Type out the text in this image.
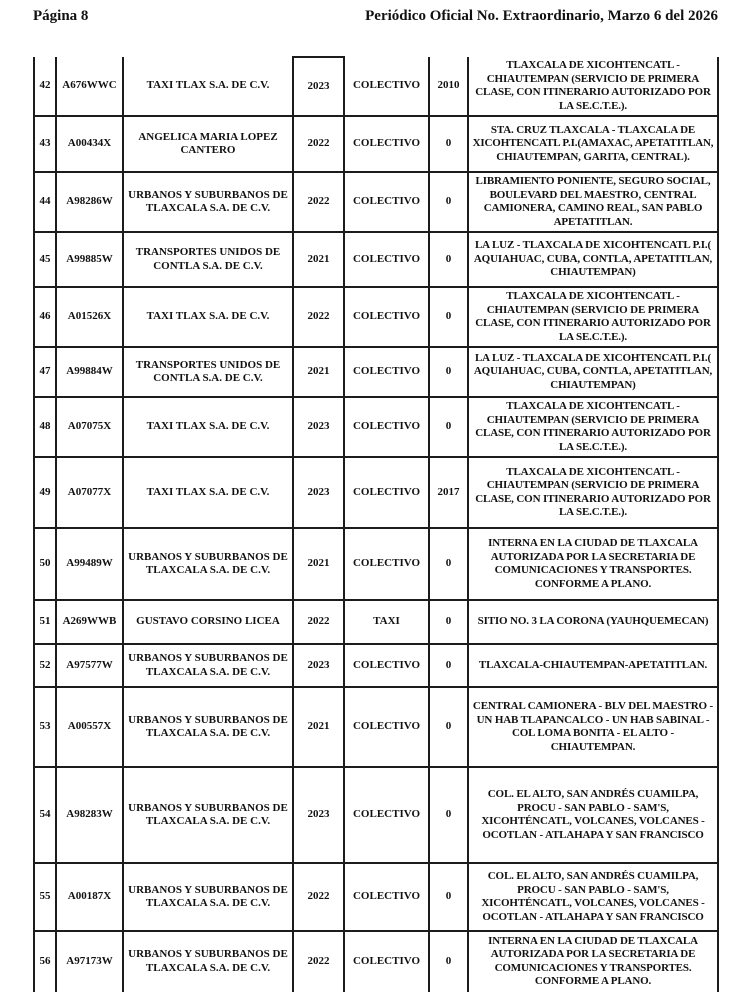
Página 8	Periódico Oficial No. Extraordinario, Marzo 6 del 2026
42	A676WWC	TAXI TLAX S.A. DE C.V.	2023	COLECTIVO	2010	TLAXCALA DE XICOHTENCATL - CHIAUTEMPAN (SERVICIO DE PRIMERA CLASE, CON ITINERARIO AUTORIZADO POR LA SE.C.T.E.).
43	A00434X	ANGELICA MARIA LOPEZ CANTERO	2022	COLECTIVO	0	STA. CRUZ TLAXCALA - TLAXCALA DE XICOHTENCATL P.I.(AMAXAC, APETATITLAN, CHIAUTEMPAN, GARITA, CENTRAL).
44	A98286W	URBANOS Y SUBURBANOS DE TLAXCALA S.A. DE C.V.	2022	COLECTIVO	0	LIBRAMIENTO PONIENTE, SEGURO SOCIAL, BOULEVARD DEL MAESTRO, CENTRAL CAMIONERA, CAMINO REAL, SAN PABLO APETATITLAN.
45	A99885W	TRANSPORTES UNIDOS DE CONTLA S.A. DE C.V.	2021	COLECTIVO	0	LA LUZ - TLAXCALA DE XICOHTENCATL P.I.( AQUIAHUAC, CUBA, CONTLA, APETATITLAN, CHIAUTEMPAN)
46	A01526X	TAXI TLAX S.A. DE C.V.	2022	COLECTIVO	0	TLAXCALA DE XICOHTENCATL - CHIAUTEMPAN (SERVICIO DE PRIMERA CLASE, CON ITINERARIO AUTORIZADO POR LA SE.C.T.E.).
47	A99884W	TRANSPORTES UNIDOS DE CONTLA S.A. DE C.V.	2021	COLECTIVO	0	LA LUZ - TLAXCALA DE XICOHTENCATL P.I.( AQUIAHUAC, CUBA, CONTLA, APETATITLAN, CHIAUTEMPAN)
48	A07075X	TAXI TLAX S.A. DE C.V.	2023	COLECTIVO	0	TLAXCALA DE XICOHTENCATL - CHIAUTEMPAN (SERVICIO DE PRIMERA CLASE, CON ITINERARIO AUTORIZADO POR LA SE.C.T.E.).
49	A07077X	TAXI TLAX S.A. DE C.V.	2023	COLECTIVO	2017	TLAXCALA DE XICOHTENCATL - CHIAUTEMPAN (SERVICIO DE PRIMERA CLASE, CON ITINERARIO AUTORIZADO POR LA SE.C.T.E.).
50	A99489W	URBANOS Y SUBURBANOS DE TLAXCALA S.A. DE C.V.	2021	COLECTIVO	0	INTERNA EN LA CIUDAD DE TLAXCALA AUTORIZADA POR LA SECRETARIA DE COMUNICACIONES Y TRANSPORTES. CONFORME A PLANO.
51	A269WWB	GUSTAVO CORSINO LICEA	2022	TAXI	0	SITIO NO. 3 LA CORONA (YAUHQUEMECAN)
52	A97577W	URBANOS Y SUBURBANOS DE TLAXCALA S.A. DE C.V.	2023	COLECTIVO	0	TLAXCALA-CHIAUTEMPAN-APETATITLAN.
53	A00557X	URBANOS Y SUBURBANOS DE TLAXCALA S.A. DE C.V.	2021	COLECTIVO	0	CENTRAL CAMIONERA - BLV DEL MAESTRO - UN HAB TLAPANCALCO - UN HAB SABINAL - COL LOMA BONITA - EL ALTO - CHIAUTEMPAN.
54	A98283W	URBANOS Y SUBURBANOS DE TLAXCALA S.A. DE C.V.	2023	COLECTIVO	0	COL. EL ALTO, SAN ANDRÉS CUAMILPA, PROCU - SAN PABLO - SAM'S, XICOHTÉNCATL, VOLCANES, VOLCANES - OCOTLAN - ATLAHAPA Y SAN FRANCISCO
55	A00187X	URBANOS Y SUBURBANOS DE TLAXCALA S.A. DE C.V.	2022	COLECTIVO	0	COL. EL ALTO, SAN ANDRÉS CUAMILPA, PROCU - SAN PABLO - SAM'S, XICOHTÉNCATL, VOLCANES, VOLCANES - OCOTLAN - ATLAHAPA Y SAN FRANCISCO
56	A97173W	URBANOS Y SUBURBANOS DE TLAXCALA S.A. DE C.V.	2022	COLECTIVO	0	INTERNA EN LA CIUDAD DE TLAXCALA AUTORIZADA POR LA SECRETARIA DE COMUNICACIONES Y TRANSPORTES. CONFORME A PLANO.
